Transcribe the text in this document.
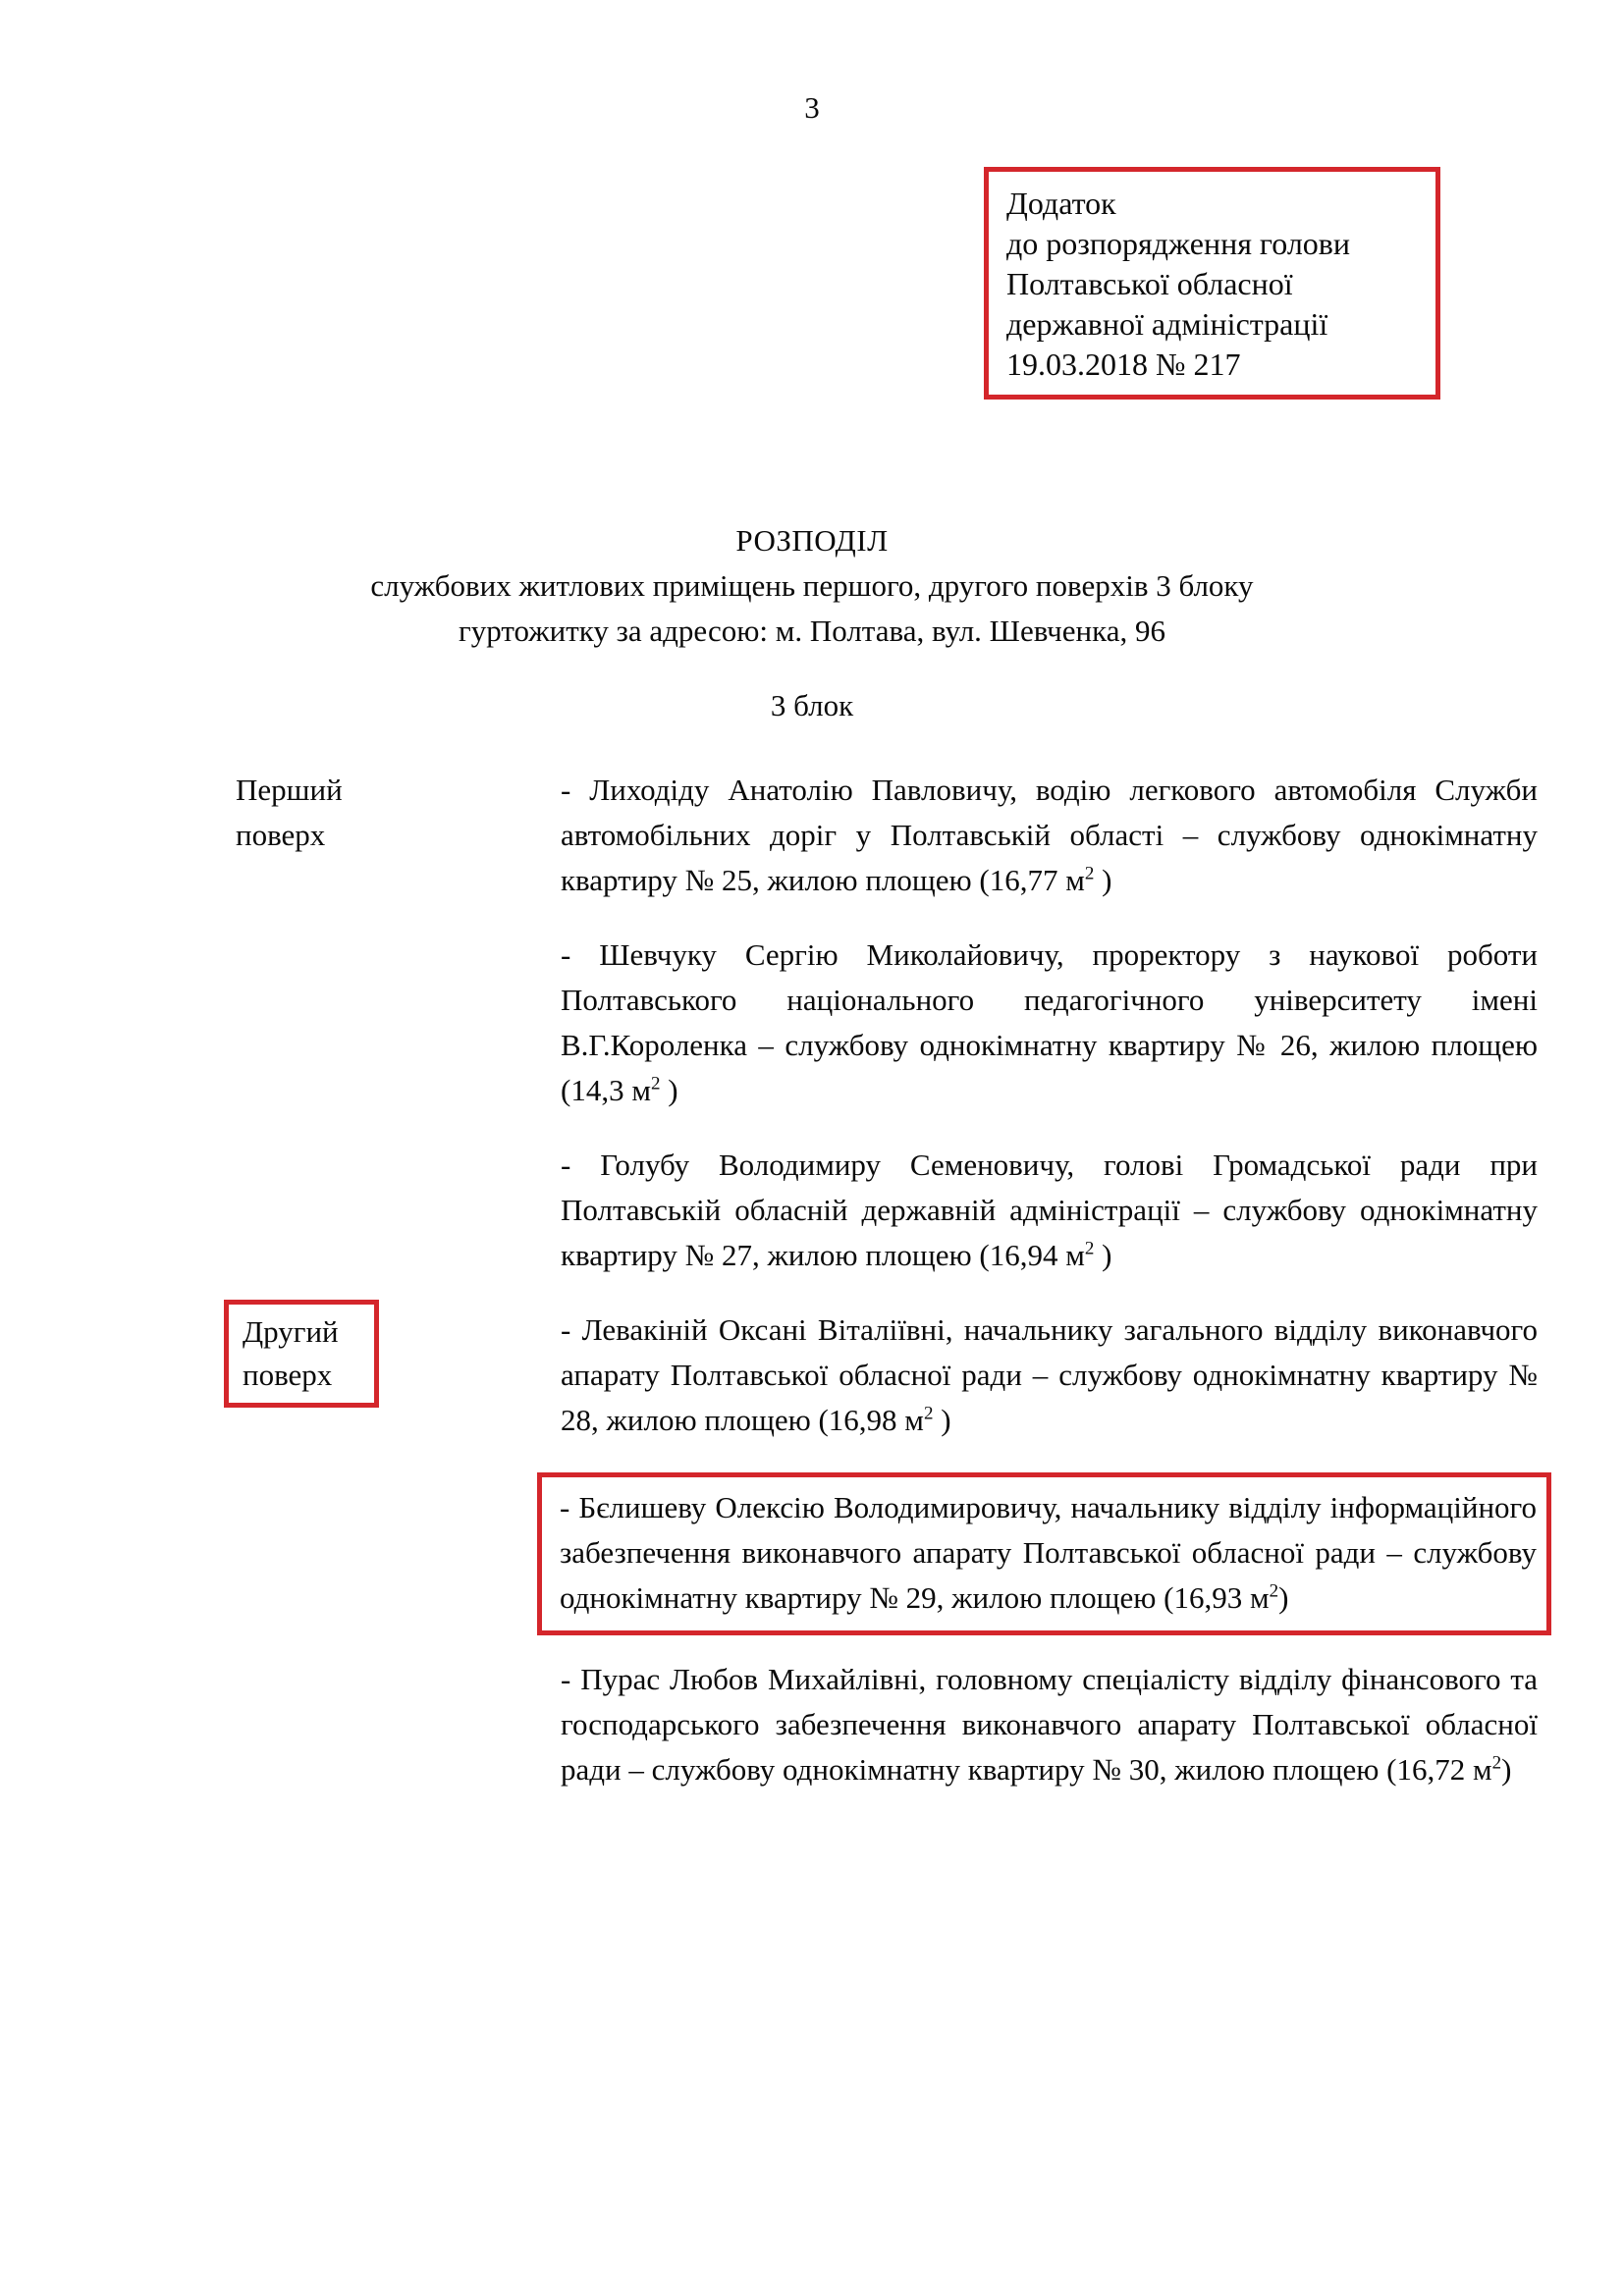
3
Додаток
до розпорядження голови
Полтавської обласної
державної адміністрації
19.03.2018 № 217
РОЗПОДІЛ
службових житлових приміщень першого, другого поверхів 3 блоку
гуртожитку за адресою: м. Полтава, вул. Шевченка, 96
3 блок
Перший
поверх

- Лиходіду Анатолію Павловичу, водію легкового автомобіля Служби автомобільних доріг у Полтавській області – службову однокімнатну квартиру № 25, жилою площею (16,77 $м^2$ )

- Шевчуку Сергію Миколайовичу, проректору з наукової роботи Полтавського національного педагогічного університету імені В.Г.Короленка – службову однокімнатну квартиру № 26, жилою площею (14,3 $м^2$ )

- Голубу Володимиру Семеновичу, голові Громадської ради при Полтавській обласній державній адміністрації – службову однокімнатну квартиру № 27, жилою площею (16,94 $м^2$ )

Другий
поверх

- Левакіній Оксані Віталіївні, начальнику загального відділу виконавчого апарату Полтавської обласної ради – службову однокімнатну квартиру № 28, жилою площею (16,98 $м^2$ )

- Бєлишеву Олексію Володимировичу, начальнику відділу інформаційного забезпечення виконавчого апарату Полтавської обласної ради – службову однокімнатну квартиру № 29, жилою площею (16,93 $м^2$)

- Пурас Любов Михайлівні, головному спеціалісту відділу фінансового та господарського забезпечення виконавчого апарату Полтавської обласної ради – службову однокімнатну квартиру № 30, жилою площею (16,72 $м^2$)
